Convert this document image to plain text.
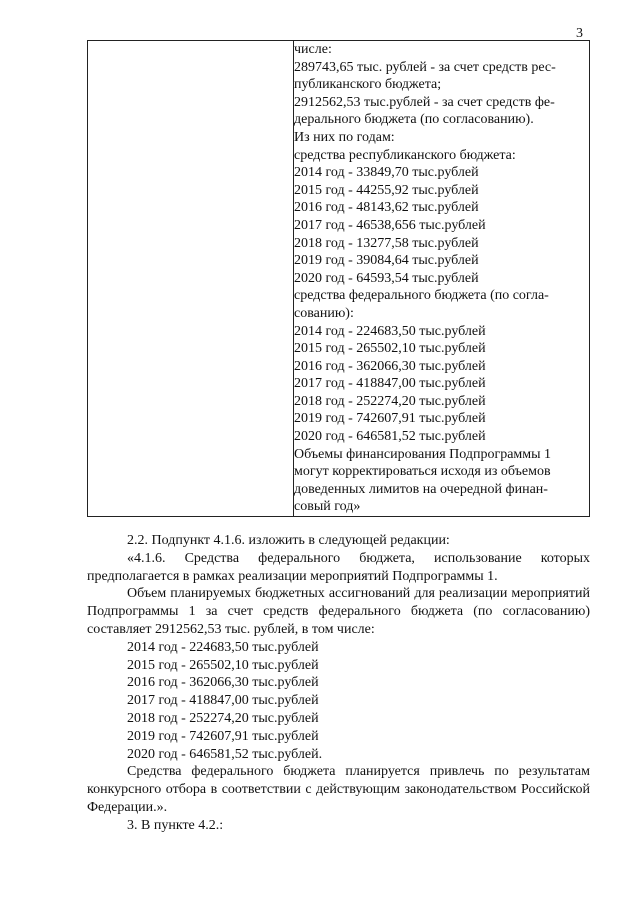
3

числе:
289743,65 тыс. рублей - за счет средств рес-
публиканского бюджета;
2912562,53 тыс.рублей - за счет средств фе-
дерального бюджета (по согласованию).
Из них по годам:
средства республиканского бюджета:
2014 год - 33849,70 тыс.рублей
2015 год - 44255,92 тыс.рублей
2016 год - 48143,62 тыс.рублей
2017 год - 46538,656 тыс.рублей
2018 год - 13277,58 тыс.рублей
2019 год - 39084,64 тыс.рублей
2020 год - 64593,54 тыс.рублей
средства федерального бюджета (по согла-
сованию):
2014 год - 224683,50 тыс.рублей
2015 год - 265502,10 тыс.рублей
2016 год - 362066,30 тыс.рублей
2017 год - 418847,00 тыс.рублей
2018 год - 252274,20 тыс.рублей
2019 год - 742607,91 тыс.рублей
2020 год - 646581,52 тыс.рублей
Объемы финансирования Подпрограммы 1
могут корректироваться исходя из объемов
доведенных лимитов на очередной финан-
совый год»

2.2. Подпункт 4.1.6. изложить в следующей редакции:

«4.1.6. Средства федерального бюджета, использование которых предполагается в рамках реализации мероприятий Подпрограммы 1.

Объем планируемых бюджетных ассигнований для реализации мероприятий Подпрограммы 1 за счет средств федерального бюджета (по согласованию) составляет 2912562,53 тыс. рублей, в том числе:

2014 год - 224683,50 тыс.рублей

2015 год - 265502,10 тыс.рублей

2016 год - 362066,30 тыс.рублей

2017 год - 418847,00 тыс.рублей

2018 год - 252274,20 тыс.рублей

2019 год - 742607,91 тыс.рублей

2020 год - 646581,52 тыс.рублей.

Средства федерального бюджета планируется привлечь по результатам конкурсного отбора в соответствии с действующим законодательством Российской Федерации.».

3. В пункте 4.2.:
